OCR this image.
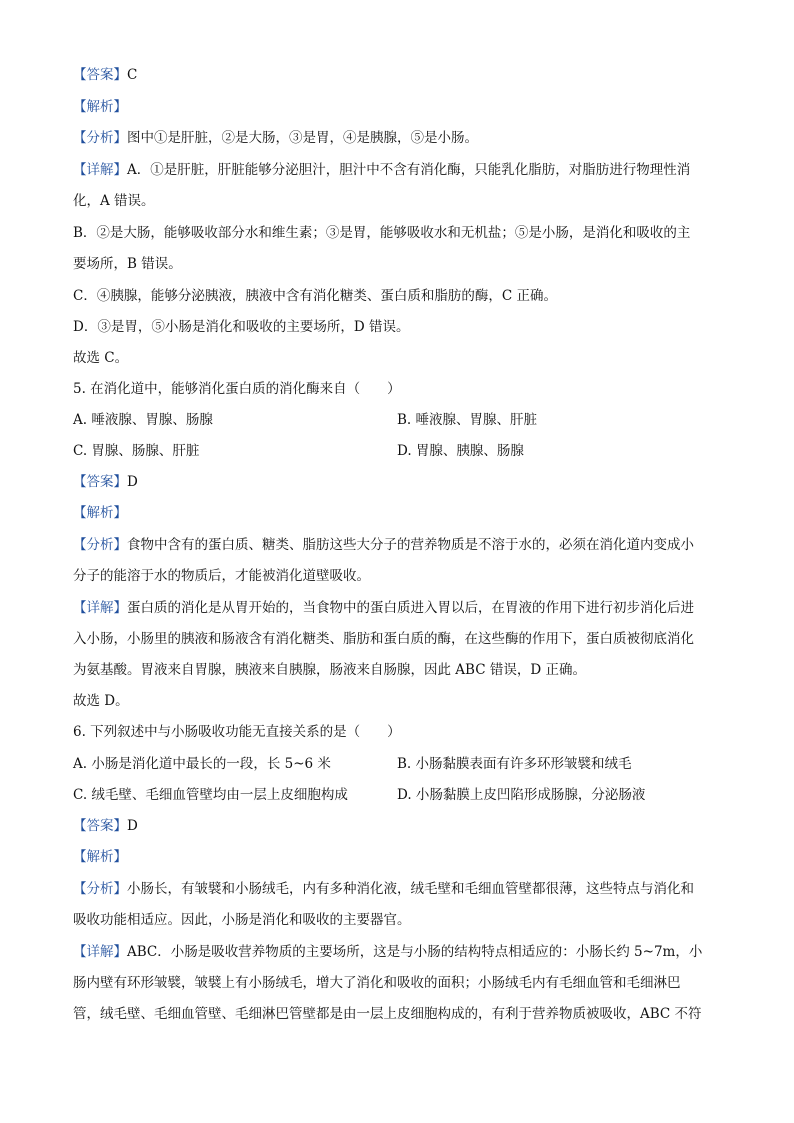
【答案】C
【解析】
【分析】图中①是肝脏，②是大肠，③是胃，④是胰腺，⑤是小肠。
【详解】A．①是肝脏，肝脏能够分泌胆汁，胆汁中不含有消化酶，只能乳化脂肪，对脂肪进行物理性消
化，A 错误。
B．②是大肠，能够吸收部分水和维生素；③是胃，能够吸收水和无机盐；⑤是小肠，是消化和吸收的主
要场所，B 错误。
C．④胰腺，能够分泌胰液，胰液中含有消化糖类、蛋白质和脂肪的酶，C 正确。
D．③是胃，⑤小肠是消化和吸收的主要场所，D 错误。
故选 C。
5. 在消化道中，能够消化蛋白质的消化酶来自（　　）
A. 唾液腺、胃腺、肠腺	B. 唾液腺、胃腺、肝脏
C. 胃腺、肠腺、肝脏	D. 胃腺、胰腺、肠腺
【答案】D
【解析】
【分析】食物中含有的蛋白质、糖类、脂肪这些大分子的营养物质是不溶于水的，必须在消化道内变成小
分子的能溶于水的物质后，才能被消化道壁吸收。
【详解】蛋白质的消化是从胃开始的，当食物中的蛋白质进入胃以后，在胃液的作用下进行初步消化后进
入小肠，小肠里的胰液和肠液含有消化糖类、脂肪和蛋白质的酶，在这些酶的作用下，蛋白质被彻底消化
为氨基酸。胃液来自胃腺，胰液来自胰腺，肠液来自肠腺，因此 ABC 错误，D 正确。
故选 D。
6. 下列叙述中与小肠吸收功能无直接关系的是（　　）
A. 小肠是消化道中最长的一段，长 5~6 米	B. 小肠黏膜表面有许多环形皱襞和绒毛
C. 绒毛壁、毛细血管壁均由一层上皮细胞构成	D. 小肠黏膜上皮凹陷形成肠腺，分泌肠液
【答案】D
【解析】
【分析】小肠长，有皱襞和小肠绒毛，内有多种消化液，绒毛壁和毛细血管壁都很薄，这些特点与消化和
吸收功能相适应。因此，小肠是消化和吸收的主要器官。
【详解】ABC．小肠是吸收营养物质的主要场所，这是与小肠的结构特点相适应的：小肠长约 5~7m，小
肠内壁有环形皱襞，皱襞上有小肠绒毛，增大了消化和吸收的面积；小肠绒毛内有毛细血管和毛细淋巴
管，绒毛壁、毛细血管壁、毛细淋巴管壁都是由一层上皮细胞构成的，有利于营养物质被吸收，ABC 不符
